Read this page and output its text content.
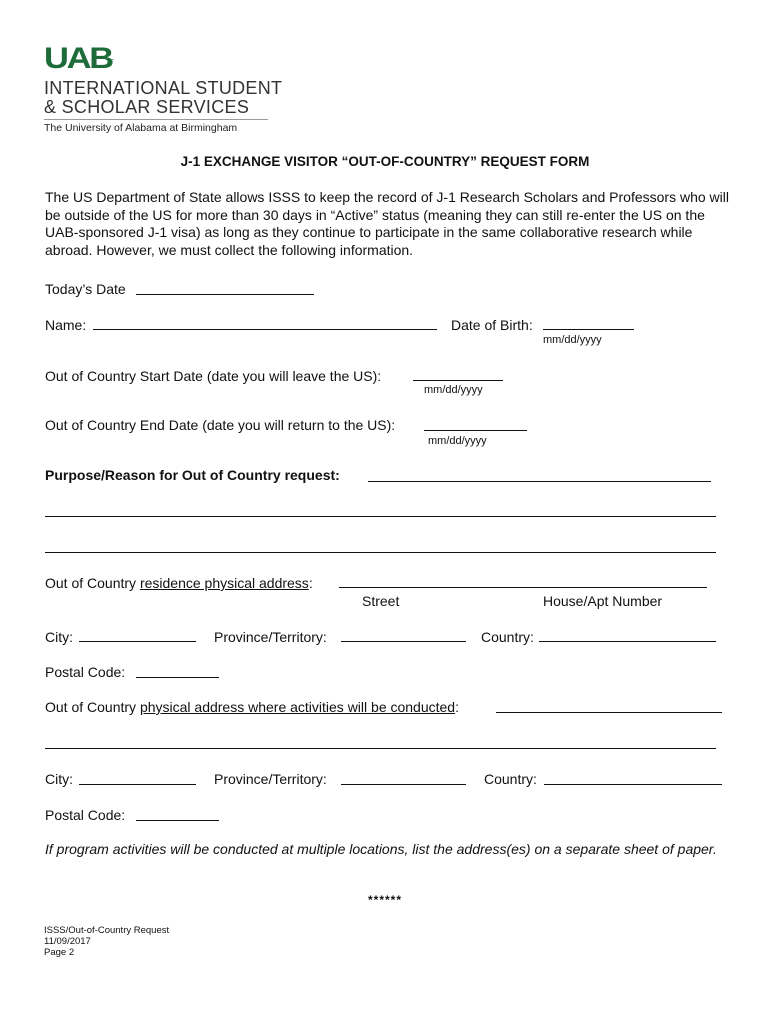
UAB.
INTERNATIONAL STUDENT
& SCHOLAR SERVICES
The University of Alabama at Birmingham
J-1 EXCHANGE VISITOR “OUT-OF-COUNTRY” REQUEST FORM
The US Department of State allows ISSS to keep the record of J-1 Research Scholars and Professors who will be outside of the US for more than 30 days in “Active” status (meaning they can still re-enter the US on the UAB-sponsored J-1 visa) as long as they continue to participate in the same collaborative research while abroad. However, we must collect the following information.
Today’s Date
Name:	Date of Birth:
mm/dd/yyyy
Out of Country Start Date (date you will leave the US):
mm/dd/yyyy
Out of Country End Date (date you will return to the US):
mm/dd/yyyy
Purpose/Reason for Out of Country request:
Out of Country residence physical address:
Street	House/Apt Number
City:	Province/Territory:	Country:
Postal Code:
Out of Country physical address where activities will be conducted:
City:	Province/Territory:	Country:
Postal Code:
If program activities will be conducted at multiple locations, list the address(es) on a separate sheet of paper.
******
ISSS/Out-of-Country Request
11/09/2017
Page 2
